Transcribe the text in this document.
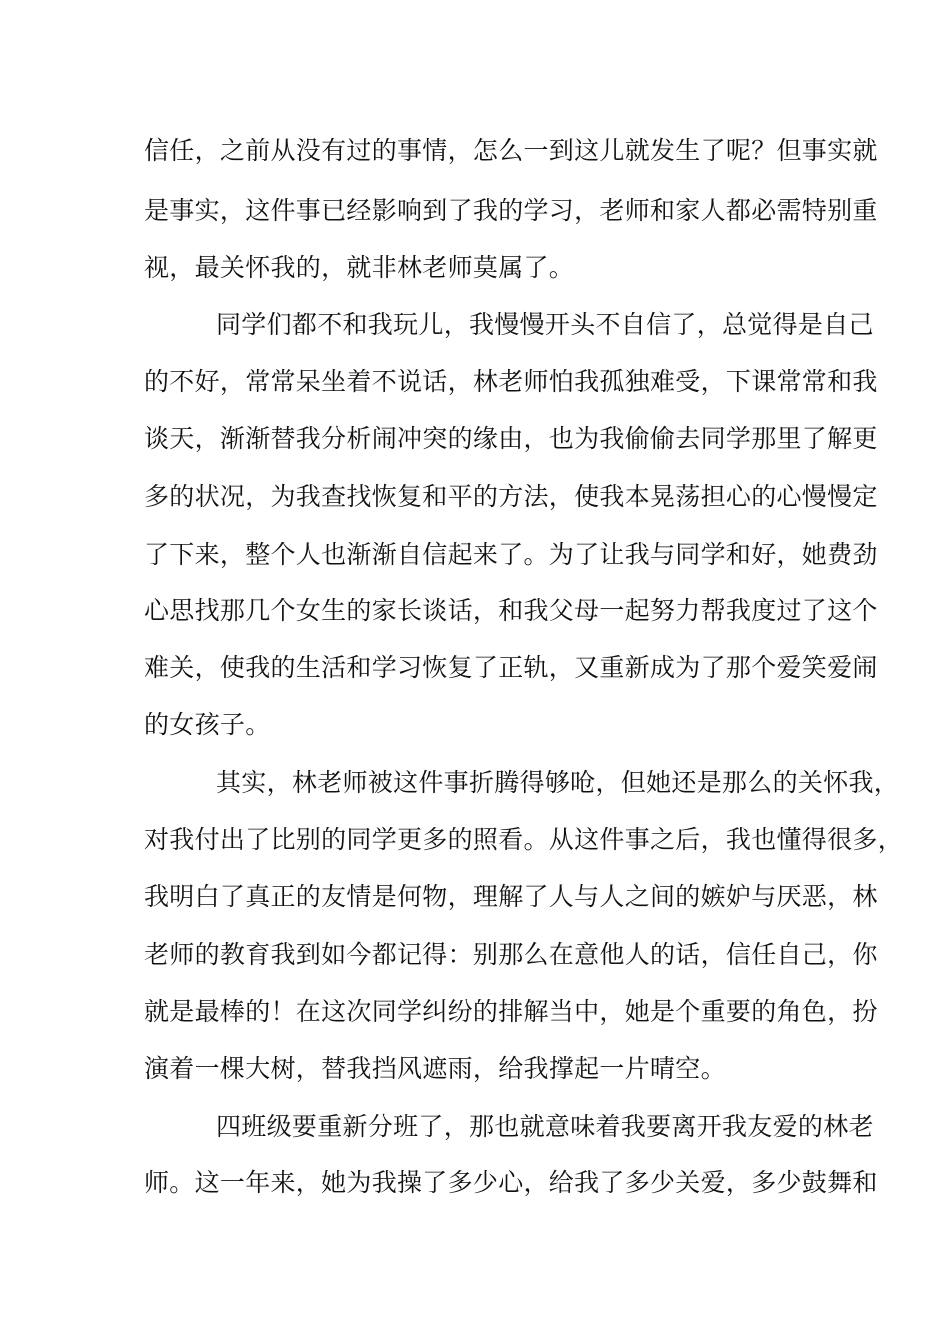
信任，之前从没有过的事情，怎么一到这儿就发生了呢？但事实就
是事实，这件事已经影响到了我的学习，老师和家人都必需特别重
视，最关怀我的，就非林老师莫属了。
同学们都不和我玩儿，我慢慢开头不自信了，总觉得是自己
的不好，常常呆坐着不说话，林老师怕我孤独难受，下课常常和我
谈天，渐渐替我分析闹冲突的缘由，也为我偷偷去同学那里了解更
多的状况，为我查找恢复和平的方法，使我本晃荡担心的心慢慢定
了下来，整个人也渐渐自信起来了。为了让我与同学和好，她费劲
心思找那几个女生的家长谈话，和我父母一起努力帮我度过了这个
难关，使我的生活和学习恢复了正轨，又重新成为了那个爱笑爱闹
的女孩子。
其实，林老师被这件事折腾得够呛，但她还是那么的关怀我，
对我付出了比别的同学更多的照看。从这件事之后，我也懂得很多，
我明白了真正的友情是何物，理解了人与人之间的嫉妒与厌恶，林
老师的教育我到如今都记得：别那么在意他人的话，信任自己，你
就是最棒的！在这次同学纠纷的排解当中，她是个重要的角色，扮
演着一棵大树，替我挡风遮雨，给我撑起一片晴空。
四班级要重新分班了，那也就意味着我要离开我友爱的林老
师。这一年来，她为我操了多少心，给我了多少关爱，多少鼓舞和
